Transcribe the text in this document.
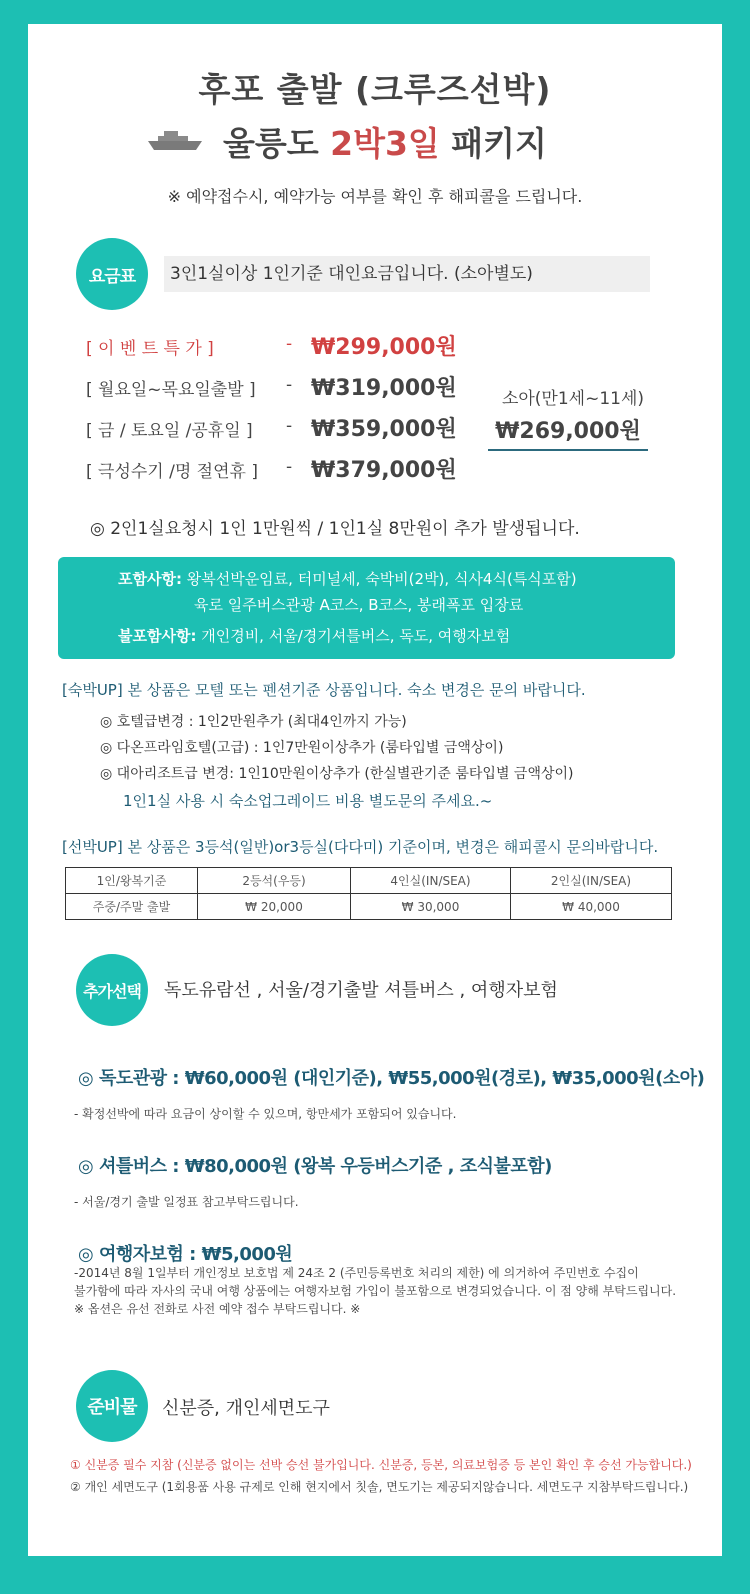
후포 출발 (크루즈선박)
울릉도 2박3일 패키지
※ 예약접수시, 예약가능 여부를 확인 후 해피콜을 드립니다.
요금표	3인1실이상 1인기준 대인요금입니다. (소아별도)
[ 이 벤 트 특 가 ]	- ₩299,000원
[ 월요일~목요일출발 ] - ₩319,000원
[ 금 / 토요일 /공휴일 ] - ₩359,000원
[ 극성수기 /명 절연휴 ] - ₩379,000원
소아(만1세~11세)
₩269,000원
◎ 2인1실요청시 1인 1만원씩 / 1인1실 8만원이 추가 발생됩니다.
포함사항: 왕복선박운임료, 터미널세, 숙박비(2박), 식사4식(특식포함)
육로 일주버스관광 A코스, B코스, 봉래폭포 입장료
불포함사항: 개인경비, 서울/경기셔틀버스, 독도, 여행자보험
[숙박UP] 본 상품은 모텔 또는 펜션기준 상품입니다. 숙소 변경은 문의 바랍니다.
◎ 호텔급변경 : 1인2만원추가 (최대4인까지 가능)
◎ 다온프라임호텔(고급) : 1인7만원이상추가 (룸타입별 금액상이)
◎ 대아리조트급 변경: 1인10만원이상추가 (한실별관기준 룸타입별 금액상이)
1인1실 사용 시 숙소업그레이드 비용 별도문의 주세요.~
[선박UP] 본 상품은 3등석(일반)or3등실(다다미) 기준이며, 변경은 해피콜시 문의바랍니다.
1인/왕복기준	2등석(우등)	4인실(IN/SEA)	2인실(IN/SEA)
주중/주말 출발	₩ 20,000	₩ 30,000	₩ 40,000
추가선택	독도유람선 , 서울/경기출발 셔틀버스 , 여행자보험
◎ 독도관광 : ₩60,000원 (대인기준), ₩55,000원(경로), ₩35,000원(소아)
- 확정선박에 따라 요금이 상이할 수 있으며, 항만세가 포함되어 있습니다.
◎ 셔틀버스 : ₩80,000원 (왕복 우등버스기준 , 조식불포함)
- 서울/경기 출발 일정표 참고부탁드립니다.
◎ 여행자보험 : ₩5,000원
-2014년 8월 1일부터 개인정보 보호법 제 24조 2 (주민등록번호 처리의 제한) 에 의거하여 주민번호 수집이
불가함에 따라 자사의 국내 여행 상품에는 여행자보험 가입이 불포함으로 변경되었습니다. 이 점 양해 부탁드립니다.
※ 옵션은 유선 전화로 사전 예약 접수 부탁드립니다. ※
준비물	신분증, 개인세면도구
① 신분증 필수 지참 (신분증 없이는 선박 승선 불가입니다. 신분증, 등본, 의료보험증 등 본인 확인 후 승선 가능합니다.)
② 개인 세면도구 (1회용품 사용 규제로 인해 현지에서 칫솔, 면도기는 제공되지않습니다. 세면도구 지참부탁드립니다.)
